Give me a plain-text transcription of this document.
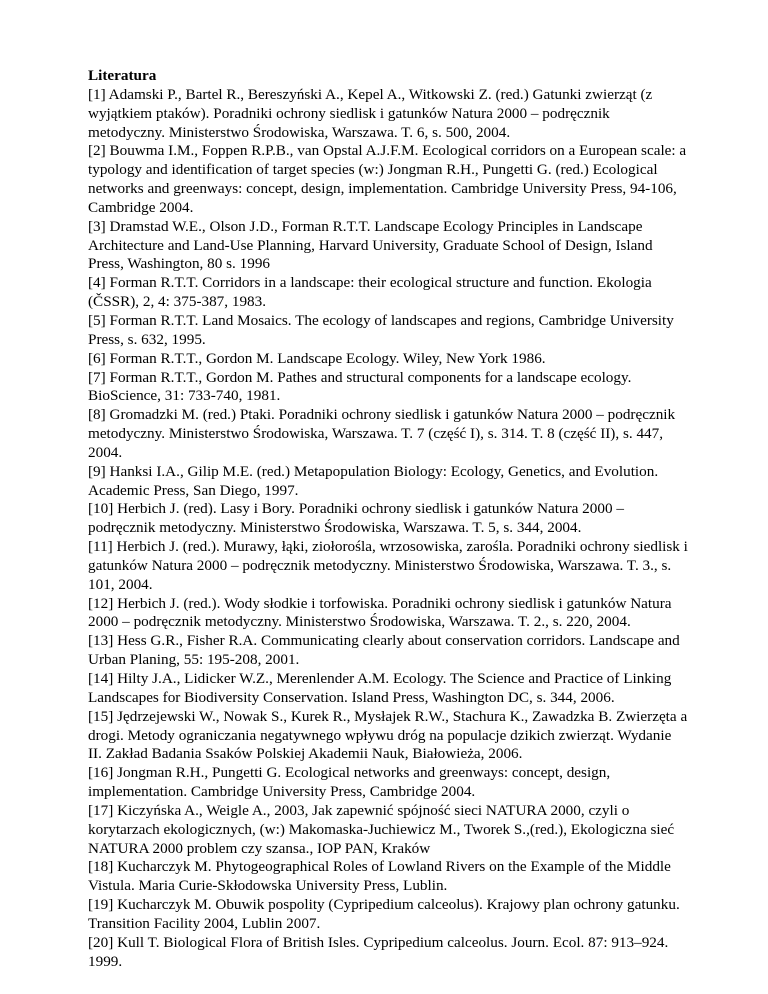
Literatura

[1] Adamski P., Bartel R., Bereszyński A., Kepel A., Witkowski Z. (red.) Gatunki zwierząt (z wyjątkiem ptaków). Poradniki ochrony siedlisk i gatunków Natura 2000 – podręcznik metodyczny. Ministerstwo Środowiska, Warszawa. T. 6, s. 500, 2004.

[2] Bouwma I.M., Foppen R.P.B., van Opstal A.J.F.M. Ecological corridors on a European scale: a typology and identification of target species (w:) Jongman R.H., Pungetti G. (red.) Ecological networks and greenways: concept, design, implementation. Cambridge University Press, 94-106, Cambridge 2004.

[3] Dramstad W.E., Olson J.D., Forman R.T.T. Landscape Ecology Principles in Landscape Architecture and Land-Use Planning, Harvard University, Graduate School of Design, Island Press, Washington, 80 s. 1996

[4] Forman R.T.T. Corridors in a landscape: their ecological structure and function. Ekologia (ČSSR), 2, 4: 375-387, 1983.

[5] Forman R.T.T. Land Mosaics. The ecology of landscapes and regions, Cambridge University Press, s. 632, 1995.

[6] Forman R.T.T., Gordon M. Landscape Ecology. Wiley, New York 1986.

[7] Forman R.T.T., Gordon M. Pathes and structural components for a landscape ecology. BioScience, 31: 733-740, 1981.

[8] Gromadzki M. (red.) Ptaki. Poradniki ochrony siedlisk i gatunków Natura 2000 – podręcznik metodyczny. Ministerstwo Środowiska, Warszawa. T. 7 (część I), s. 314. T. 8 (część II), s. 447, 2004.

[9] Hanksi I.A., Gilip M.E. (red.) Metapopulation Biology: Ecology, Genetics, and Evolution. Academic Press, San Diego, 1997.

[10] Herbich J. (red). Lasy i Bory. Poradniki ochrony siedlisk i gatunków Natura 2000 – podręcznik metodyczny. Ministerstwo Środowiska, Warszawa. T. 5, s. 344, 2004.

[11] Herbich J. (red.). Murawy, łąki, ziołorośla, wrzosowiska, zarośla. Poradniki ochrony siedlisk i gatunków Natura 2000 – podręcznik metodyczny. Ministerstwo Środowiska, Warszawa. T. 3., s. 101, 2004.

[12] Herbich J. (red.). Wody słodkie i torfowiska. Poradniki ochrony siedlisk i gatunków Natura 2000 – podręcznik metodyczny. Ministerstwo Środowiska, Warszawa. T. 2., s. 220, 2004.

[13] Hess G.R., Fisher R.A. Communicating clearly about conservation corridors. Landscape and Urban Planing, 55: 195-208, 2001.

[14] Hilty J.A., Lidicker W.Z., Merenlender A.M. Ecology. The Science and Practice of Linking Landscapes for Biodiversity Conservation. Island Press, Washington DC, s. 344, 2006.

[15] Jędrzejewski W., Nowak S., Kurek R., Mysłajek R.W., Stachura K., Zawadzka B. Zwierzęta a drogi. Metody ograniczania negatywnego wpływu dróg na populacje dzikich zwierząt. Wydanie II. Zakład Badania Ssaków Polskiej Akademii Nauk, Białowieża, 2006.

[16] Jongman R.H., Pungetti G. Ecological networks and greenways: concept, design, implementation. Cambridge University Press, Cambridge 2004.

[17] Kiczyńska A., Weigle A., 2003, Jak zapewnić spójność sieci NATURA 2000, czyli o korytarzach ekologicznych, (w:) Makomaska-Juchiewicz M., Tworek S.,(red.), Ekologiczna sieć NATURA 2000 problem czy szansa., IOP PAN, Kraków

[18] Kucharczyk M. Phytogeographical Roles of Lowland Rivers on the Example of the Middle Vistula. Maria Curie-Skłodowska University Press, Lublin.

[19] Kucharczyk M. Obuwik pospolity (Cypripedium calceolus). Krajowy plan ochrony gatunku. Transition Facility 2004, Lublin 2007.

[20] Kull T. Biological Flora of British Isles. Cypripedium calceolus. Journ. Ecol. 87: 913–924. 1999.
